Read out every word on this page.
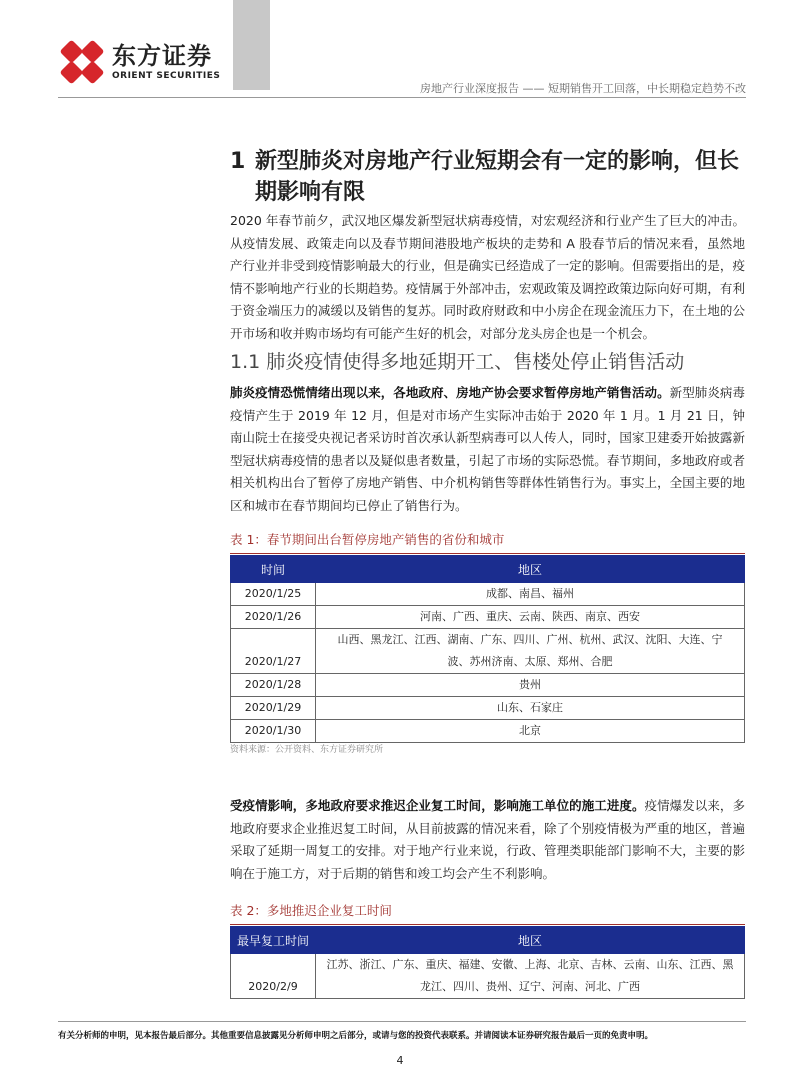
东方证券
ORIENT SECURITIES
房地产行业深度报告 —— 短期销售开工回落，中长期稳定趋势不改
1 新型肺炎对房地产行业短期会有一定的影响，但长
期影响有限
2020 年春节前夕，武汉地区爆发新型冠状病毒疫情，对宏观经济和行业产生了巨大的冲击。从疫情发展、政策走向以及春节期间港股地产板块的走势和 A 股春节后的情况来看，虽然地产行业并非受到疫情影响最大的行业，但是确实已经造成了一定的影响。但需要指出的是，疫情不影响地产行业的长期趋势。疫情属于外部冲击，宏观政策及调控政策边际向好可期，有利于资金端压力的减缓以及销售的复苏。同时政府财政和中小房企在现金流压力下，在土地的公开市场和收并购市场均有可能产生好的机会，对部分龙头房企也是一个机会。
1.1 肺炎疫情使得多地延期开工、售楼处停止销售活动
肺炎疫情恐慌情绪出现以来，各地政府、房地产协会要求暂停房地产销售活动。新型肺炎病毒疫情产生于 2019 年 12 月，但是对市场产生实际冲击始于 2020 年 1 月。1 月 21 日，钟南山院士在接受央视记者采访时首次承认新型病毒可以人传人，同时，国家卫建委开始披露新型冠状病毒疫情的患者以及疑似患者数量，引起了市场的实际恐慌。春节期间，多地政府或者相关机构出台了暂停了房地产销售、中介机构销售等群体性销售行为。事实上，全国主要的地区和城市在春节期间均已停止了销售行为。
表 1：春节期间出台暂停房地产销售的省份和城市
时间	地区
2020/1/25	成都、南昌、福州
2020/1/26	河南、广西、重庆、云南、陕西、南京、西安
2020/1/27	山西、黑龙江、江西、湖南、广东、四川、广州、杭州、武汉、沈阳、大连、宁波、苏州济南、太原、郑州、合肥
2020/1/28	贵州
2020/1/29	山东、石家庄
2020/1/30	北京
资料来源：公开资料、东方证券研究所
受疫情影响，多地政府要求推迟企业复工时间，影响施工单位的施工进度。疫情爆发以来，多地政府要求企业推迟复工时间，从目前披露的情况来看，除了个别疫情极为严重的地区，普遍采取了延期一周复工的安排。对于地产行业来说，行政、管理类职能部门影响不大，主要的影响在于施工方，对于后期的销售和竣工均会产生不利影响。
表 2：多地推迟企业复工时间
最早复工时间	地区
2020/2/9	江苏、浙江、广东、重庆、福建、安徽、上海、北京、吉林、云南、山东、江西、黑龙江、四川、贵州、辽宁、河南、河北、广西
有关分析师的申明，见本报告最后部分。其他重要信息披露见分析师申明之后部分，或请与您的投资代表联系。并请阅读本证券研究报告最后一页的免责申明。
4
